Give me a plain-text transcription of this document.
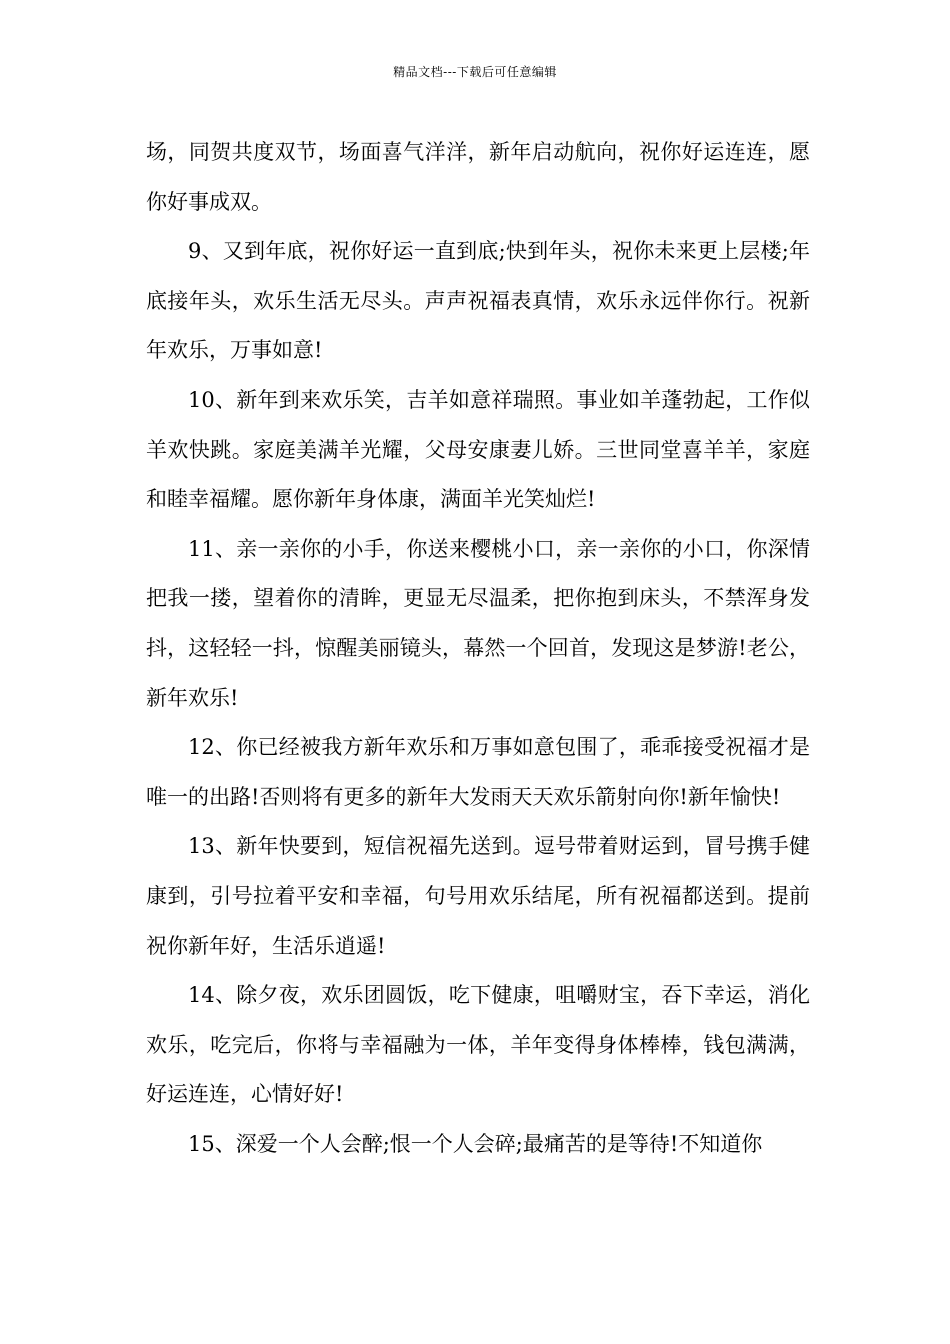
精品文档---下载后可任意编辑

场，同贺共度双节，场面喜气洋洋，新年启动航向，祝你好运连连，愿你好事成双。

9、又到年底，祝你好运一直到底;快到年头，祝你未来更上层楼;年底接年头，欢乐生活无尽头。声声祝福表真情，欢乐永远伴你行。祝新年欢乐，万事如意!

10、新年到来欢乐笑，吉羊如意祥瑞照。事业如羊蓬勃起，工作似羊欢快跳。家庭美满羊光耀，父母安康妻儿娇。三世同堂喜羊羊，家庭和睦幸福耀。愿你新年身体康，满面羊光笑灿烂!

11、亲一亲你的小手，你送来樱桃小口，亲一亲你的小口，你深情把我一搂，望着你的清眸，更显无尽温柔，把你抱到床头，不禁浑身发抖，这轻轻一抖，惊醒美丽镜头，幕然一个回首，发现这是梦游!老公，新年欢乐!

12、你已经被我方新年欢乐和万事如意包围了，乖乖接受祝福才是唯一的出路!否则将有更多的新年大发雨天天欢乐箭射向你!新年愉快!

13、新年快要到，短信祝福先送到。逗号带着财运到，冒号携手健康到，引号拉着平安和幸福，句号用欢乐结尾，所有祝福都送到。提前祝你新年好，生活乐逍遥!

14、除夕夜，欢乐团圆饭，吃下健康，咀嚼财宝，吞下幸运，消化欢乐，吃完后，你将与幸福融为一体，羊年变得身体棒棒，钱包满满，好运连连，心情好好!

15、深爱一个人会醉;恨一个人会碎;最痛苦的是等待!不知道你
